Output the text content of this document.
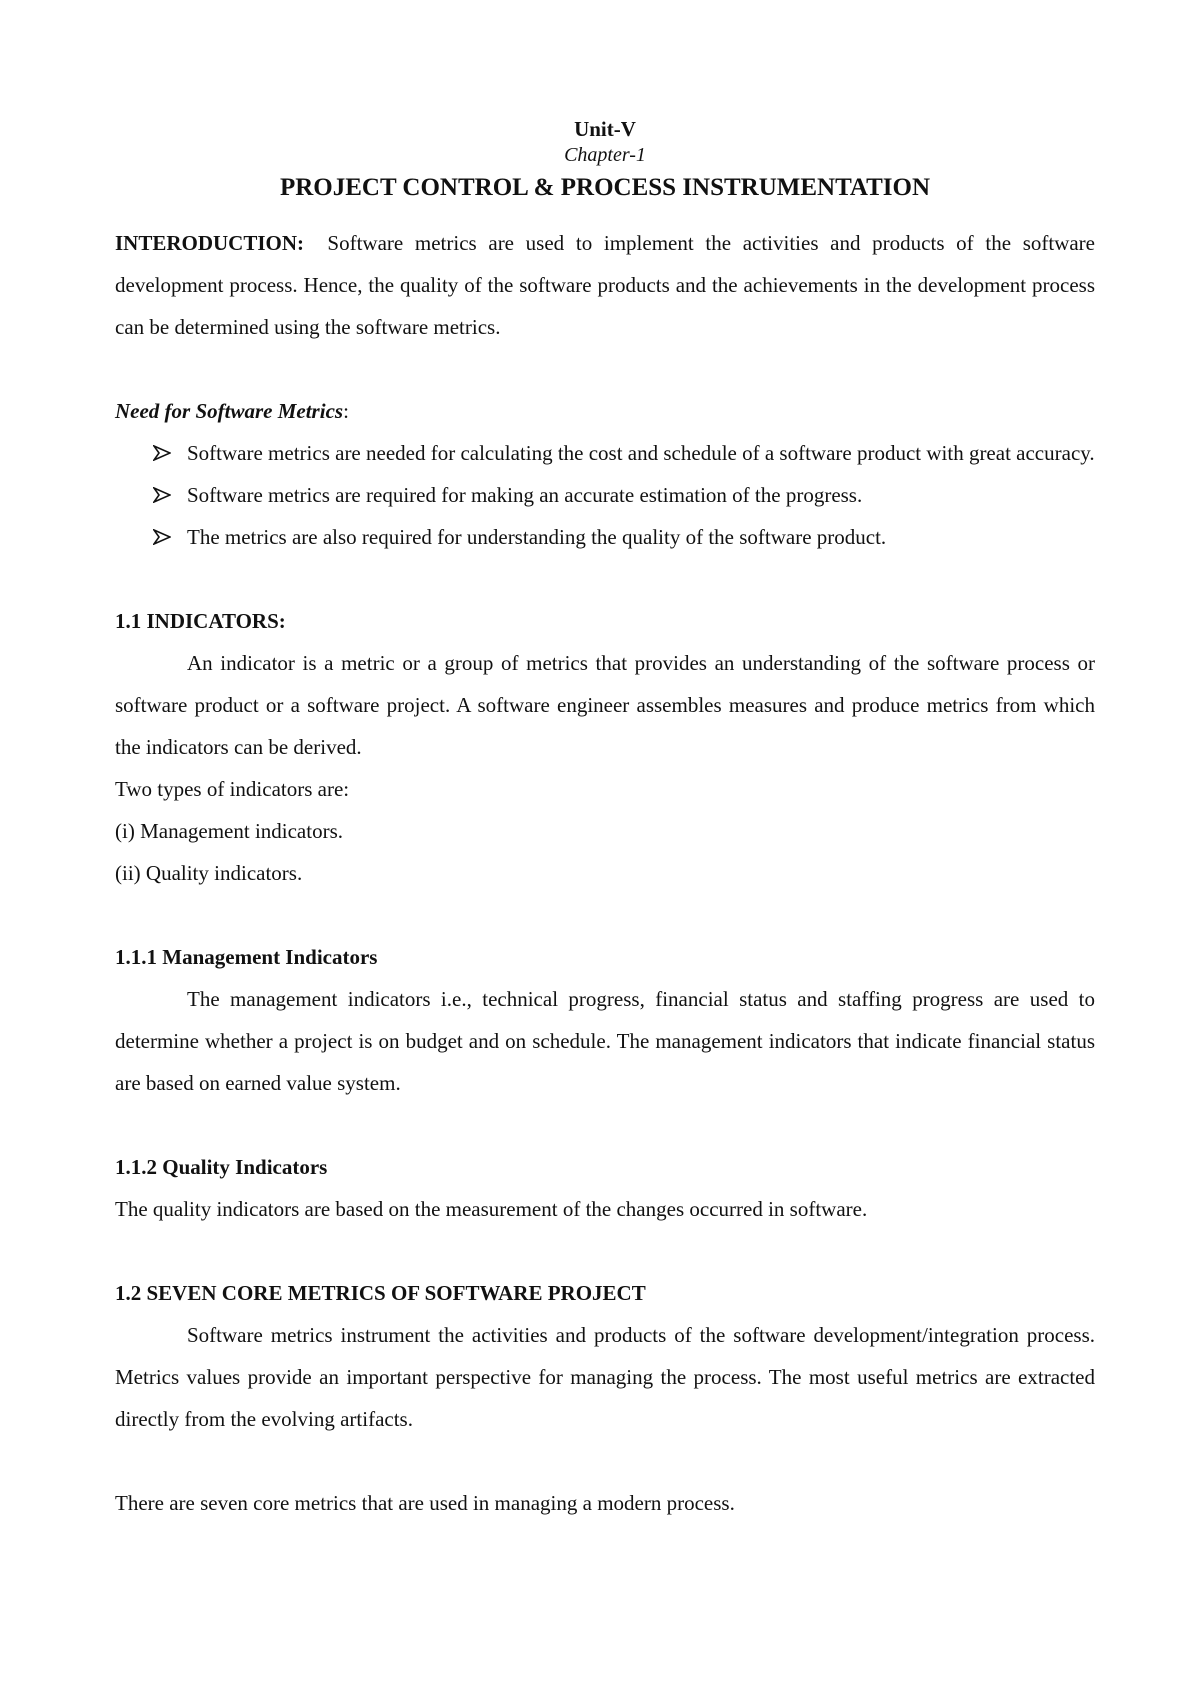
Unit-V
Chapter-1
PROJECT CONTROL & PROCESS INSTRUMENTATION

INTERODUCTION: Software metrics are used to implement the activities and products of the software development process. Hence, the quality of the software products and the achievements in the development process can be determined using the software metrics.

Need for Software Metrics:

Software metrics are needed for calculating the cost and schedule of a software product with great accuracy.
Software metrics are required for making an accurate estimation of the progress.
The metrics are also required for understanding the quality of the software product.

1.1 INDICATORS:

An indicator is a metric or a group of metrics that provides an understanding of the software process or software product or a software project. A software engineer assembles measures and produce metrics from which the indicators can be derived.

Two types of indicators are:

(i) Management indicators.

(ii) Quality indicators.

1.1.1 Management Indicators

The management indicators i.e., technical progress, financial status and staffing progress are used to determine whether a project is on budget and on schedule. The management indicators that indicate financial status are based on earned value system.

1.1.2 Quality Indicators

The quality indicators are based on the measurement of the changes occurred in software.

1.2 SEVEN CORE METRICS OF SOFTWARE PROJECT

Software metrics instrument the activities and products of the software development/integration process. Metrics values provide an important perspective for managing the process. The most useful metrics are extracted directly from the evolving artifacts.

There are seven core metrics that are used in managing a modern process.
